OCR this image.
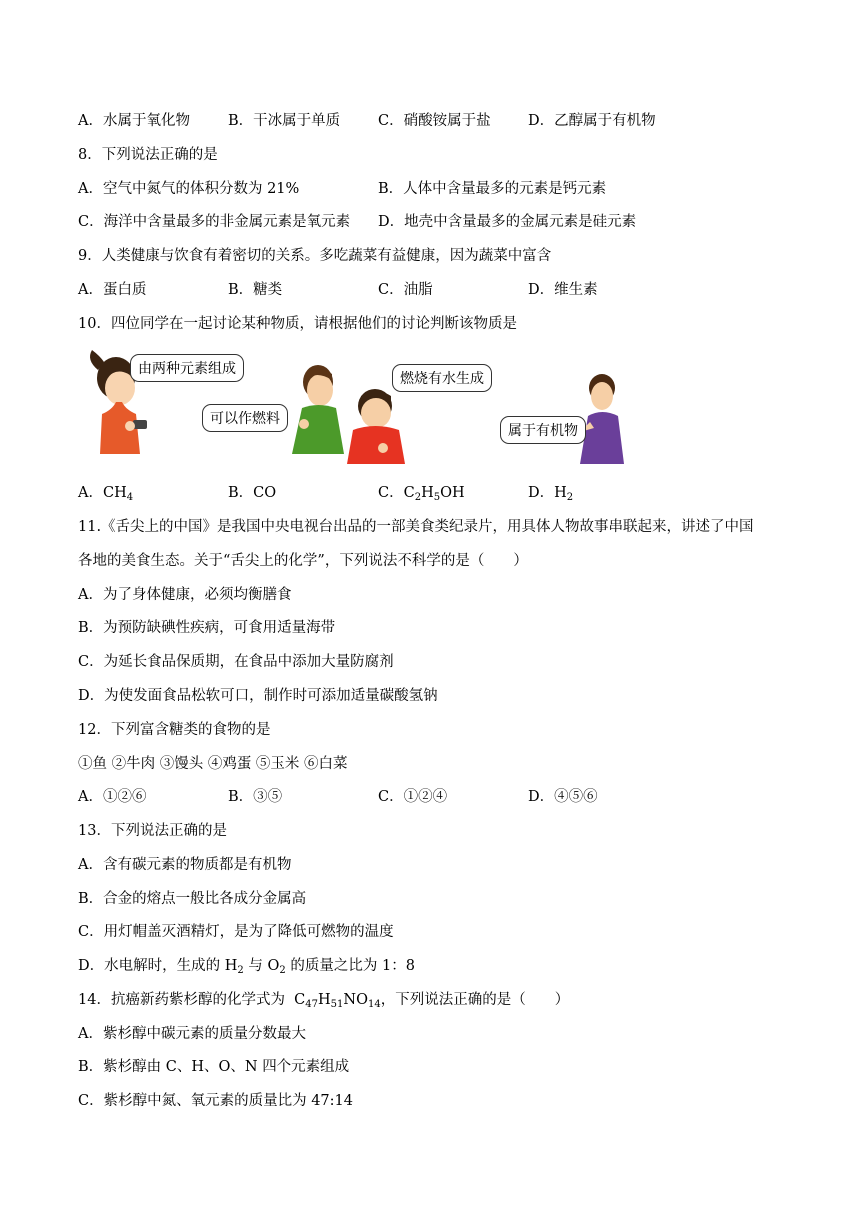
A．水属于氧化物	B．干冰属于单质	C．硝酸铵属于盐	D．乙醇属于有机物
8．下列说法正确的是
A．空气中氮气的体积分数为 21%	B．人体中含量最多的元素是钙元素
C．海洋中含量最多的非金属元素是氧元素 D．地壳中含量最多的金属元素是硅元素
9．人类健康与饮食有着密切的关系。多吃蔬菜有益健康，因为蔬菜中富含
A．蛋白质	B．糖类	C．油脂	D．维生素
10．四位同学在一起讨论某种物质，请根据他们的讨论判断该物质是
由两种元素组成
可以作燃料
燃烧有水生成
属于有机物
A．$CH_4$	B．CO	C．$C_2H_5OH$	D．$H_2$
11.《舌尖上的中国》是我国中央电视台出品的一部美食类纪录片，用具体人物故事串联起来，讲述了中国
各地的美食生态。关于“舌尖上的化学”，下列说法不科学的是（　　）
A．为了身体健康，必须均衡膳食
B．为预防缺碘性疾病，可食用适量海带
C．为延长食品保质期，在食品中添加大量防腐剂
D．为使发面食品松软可口，制作时可添加适量碳酸氢钠
12．下列富含糖类的食物的是
①鱼 ②牛肉 ③馒头 ④鸡蛋 ⑤玉米 ⑥白菜
A．①②⑥	B．③⑤	C．①②④	D．④⑤⑥
13．下列说法正确的是
A．含有碳元素的物质都是有机物
B．合金的熔点一般比各成分金属高
C．用灯帽盖灭酒精灯，是为了降低可燃物的温度
D．水电解时，生成的 $H_2$ 与 $O_2$ 的质量之比为 1：8
14．抗癌新药紫杉醇的化学式为  $C_{47}H_{51}NO_{14}$，下列说法正确的是（　　）
A．紫杉醇中碳元素的质量分数最大
B．紫杉醇由 C、H、O、N 四个元素组成
C．紫杉醇中氮、氧元素的质量比为 47:14
